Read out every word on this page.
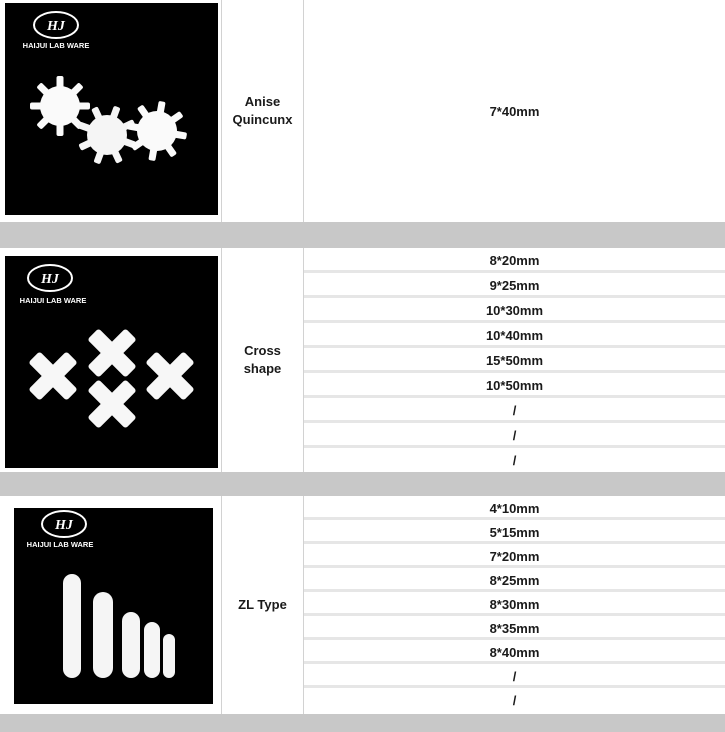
HJ
HAIJUI LAB WARE
Anise
Quincunx
7*40mm
HJ
HAIJUI LAB WARE
Cross
shape
8*20mm
9*25mm
10*30mm
10*40mm
15*50mm
10*50mm
/
/
/
HJ
HAIJUI LAB WARE
ZL Type
4*10mm
5*15mm
7*20mm
8*25mm
8*30mm
8*35mm
8*40mm
/
/
